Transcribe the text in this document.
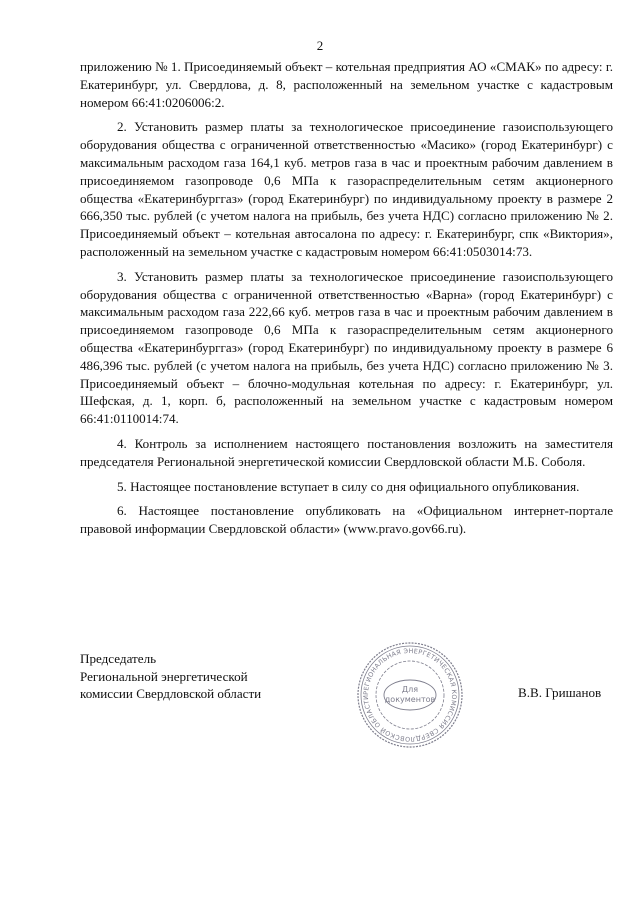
2

приложению № 1. Присоединяемый объект – котельная предприятия АО «СМАК» по адресу: г. Екатеринбург, ул. Свердлова, д. 8, расположенный на земельном участке с кадастровым номером 66:41:0206006:2.

2. Установить размер платы за технологическое присоединение газоиспользующего оборудования общества с ограниченной ответственностью «Масико» (город Екатеринбург) с максимальным расходом газа 164,1 куб. метров газа в час и проектным рабочим давлением в присоединяемом газопроводе 0,6 МПа к газораспределительным сетям акционерного общества «Екатеринбурггаз» (город Екатеринбург) по индивидуальному проекту в размере 2 666,350 тыс. рублей (с учетом налога на прибыль, без учета НДС) согласно приложению № 2. Присоединяемый объект – котельная автосалона по адресу: г. Екатеринбург, спк «Виктория», расположенный на земельном участке с кадастровым номером 66:41:0503014:73.

3. Установить размер платы за технологическое присоединение газоиспользующего оборудования общества с ограниченной ответственностью «Варна» (город Екатеринбург) с максимальным расходом газа 222,66 куб. метров газа в час и проектным рабочим давлением в присоединяемом газопроводе 0,6 МПа к газораспределительным сетям акционерного общества «Екатеринбурггаз» (город Екатеринбург) по индивидуальному проекту в размере 6 486,396 тыс. рублей (с учетом налога на прибыль, без учета НДС) согласно приложению № 3. Присоединяемый объект – блочно-модульная котельная по адресу: г. Екатеринбург, ул. Шефская, д. 1, корп. б, расположенный на земельном участке с кадастровым номером 66:41:0110014:74.

4. Контроль за исполнением настоящего постановления возложить на заместителя председателя Региональной энергетической комиссии Свердловской области М.Б. Соболя.

5. Настоящее постановление вступает в силу со дня официального опубликования.

6. Настоящее постановление опубликовать на «Официальном интернет-портале правовой информации Свердловской области» (www.pravo.gov66.ru).

Председатель
Региональной энергетической
комиссии Свердловской области	РЕГИОНАЛЬНАЯ ЭНЕРГЕТИЧЕСКАЯ КОМИССИЯ СВЕРДЛОВСКОЙ ОБЛАСТИ
Для
документов	В.В. Гришанов
